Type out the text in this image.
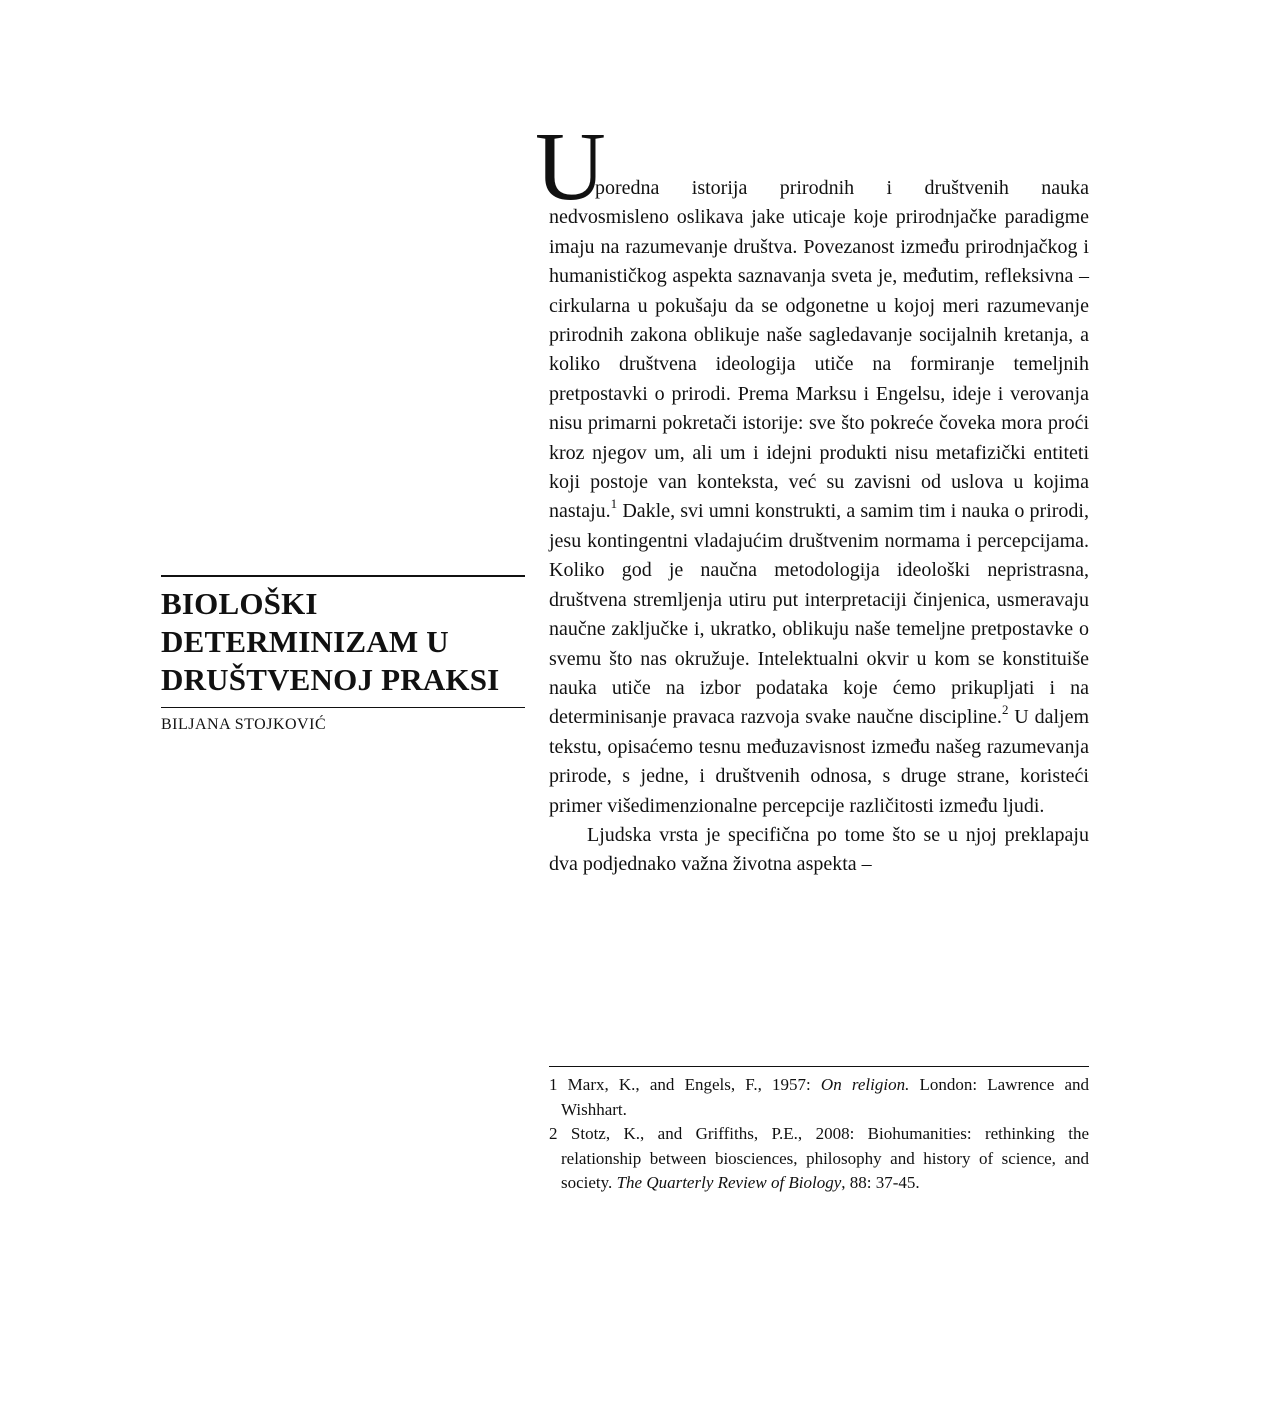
BIOLOŠKI
DETERMINIZAM U
DRUŠTVENOJ PRAKSI
BILJANA STOJKOVIĆ

U
poredna istorija prirodnih i društvenih nauka
nedvosmisleno oslikava jake uticaje koje prirodnjačke paradigme imaju na razumevanje društva. Povezanost između prirodnjačkog i humanističkog aspekta saznavanja sveta je, međutim, refleksivna – cirkularna u pokušaju da se odgonetne u kojoj meri razumevanje prirodnih zakona oblikuje naše sagledavanje socijalnih kretanja, a koliko društvena ideologija utiče na formiranje temeljnih pretpostavki o prirodi. Prema Marksu i Engelsu, ideje i verovanja nisu primarni pokretači istorije: sve što pokreće čoveka mora proći kroz njegov um, ali um i idejni produkti nisu metafizički entiteti koji postoje van konteksta, već su zavisni od uslova u kojima nastaju.$^1$ Dakle, svi umni konstrukti, a samim tim i nauka o prirodi, jesu kontingentni vladajućim društvenim normama i percepcijama. Koliko god je naučna metodologija ideološki nepristrasna, društvena stremljenja utiru put interpretaciji činjenica, usmeravaju naučne zaključke i, ukratko, oblikuju naše temeljne pretpostavke o svemu što nas okružuje. Intelektualni okvir u kom se konstituiše nauka utiče na izbor podataka koje ćemo prikupljati i na determinisanje pravaca razvoja svake naučne discipline.$^2$ U daljem tekstu, opisaćemo tesnu međuzavisnost između našeg razumevanja prirode, s jedne, i društvenih odnosa, s druge strane, koristeći primer višedimenzionalne percepcije različitosti između ljudi.

Ljudska vrsta je specifična po tome što se u njoj preklapaju dva podjednako važna životna aspekta –

1 Marx, K., and Engels, F., 1957: On religion. London: Lawrence and Wishhart.

2 Stotz, K., and Griffiths, P.E., 2008: Biohumanities: rethinking the relationship between biosciences, philosophy and history of science, and society. The Quarterly Review of Biology, 88: 37-45.
